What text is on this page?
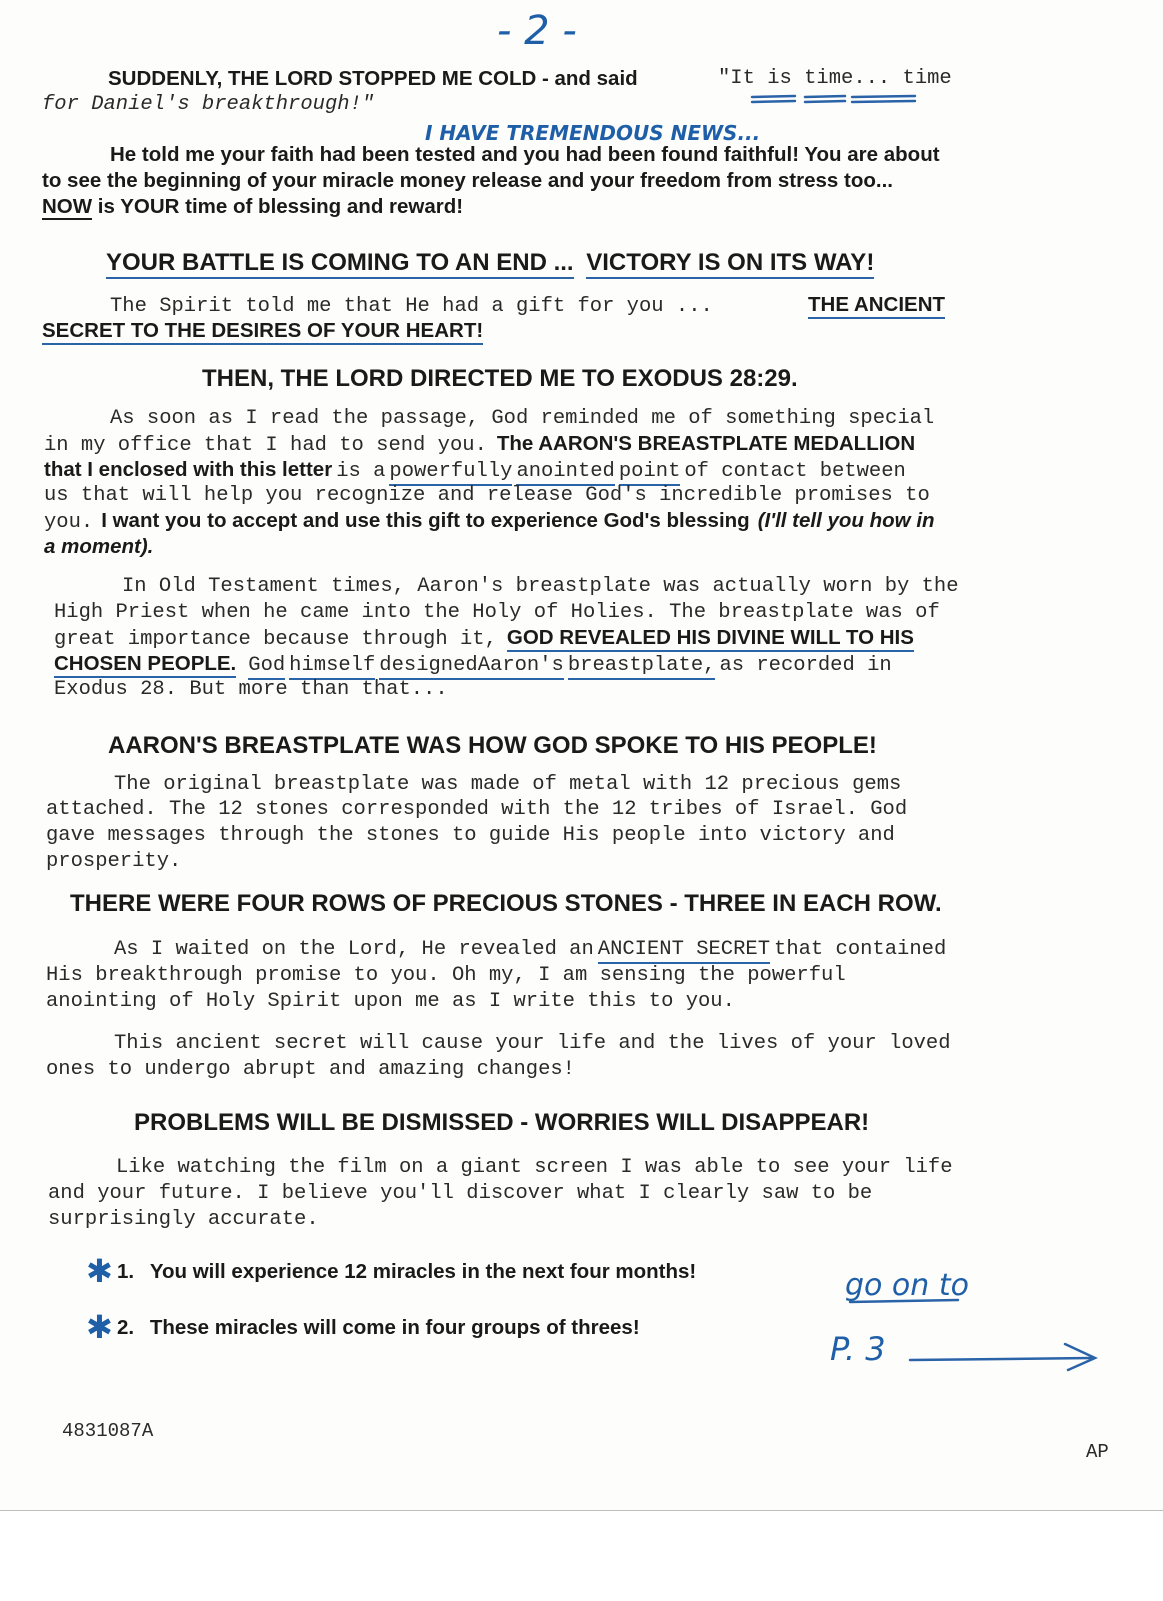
- 2 -
SUDDENLY, THE LORD STOPPED ME COLD - and said	"It is time... time
for Daniel's breakthrough!"
I HAVE TREMENDOUS NEWS...
He told me your faith had been tested and you had been found faithful! You are about
to see the beginning of your miracle money release and your freedom from stress too...
NOW is YOUR time of blessing and reward!
YOUR BATTLE IS COMING TO AN END ... VICTORY IS ON ITS WAY!
The Spirit told me that He had a gift for you ...	THE ANCIENT
SECRET TO THE DESIRES OF YOUR HEART!
THEN, THE LORD DIRECTED ME TO EXODUS 28:29.
As soon as I read the passage, God reminded me of something special
in my office that I had to send you. The AARON'S BREASTPLATE MEDALLION
that I enclosed with this letter is a powerfully anointed point of contact between
us that will help you recognize and release God's incredible promises to
you. I want you to accept and use this gift to experience God's blessing (I'll tell you how in
a moment).
In Old Testament times, Aaron's breastplate was actually worn by the
High Priest when he came into the Holy of Holies. The breastplate was of
great importance because through it, GOD REVEALED HIS DIVINE WILL TO HIS
CHOSEN PEOPLE. God himself designedAaron's breastplate, as recorded in
Exodus 28. But more than that...
AARON'S BREASTPLATE WAS HOW GOD SPOKE TO HIS PEOPLE!
The original breastplate was made of metal with 12 precious gems
attached. The 12 stones corresponded with the 12 tribes of Israel. God
gave messages through the stones to guide His people into victory and
prosperity.
THERE WERE FOUR ROWS OF PRECIOUS STONES - THREE IN EACH ROW.
As I waited on the Lord, He revealed an ANCIENT SECRET that contained
His breakthrough promise to you. Oh my, I am sensing the powerful
anointing of Holy Spirit upon me as I write this to you.
This ancient secret will cause your life and the lives of your loved
ones to undergo abrupt and amazing changes!
PROBLEMS WILL BE DISMISSED - WORRIES WILL DISAPPEAR!
Like watching the film on a giant screen I was able to see your life
and your future. I believe you'll discover what I clearly saw to be
surprisingly accurate.
✱ 1. You will experience 12 miracles in the next four months!
✱ 2. These miracles will come in four groups of threes!
go on to
P. 3
4831087A
AP
